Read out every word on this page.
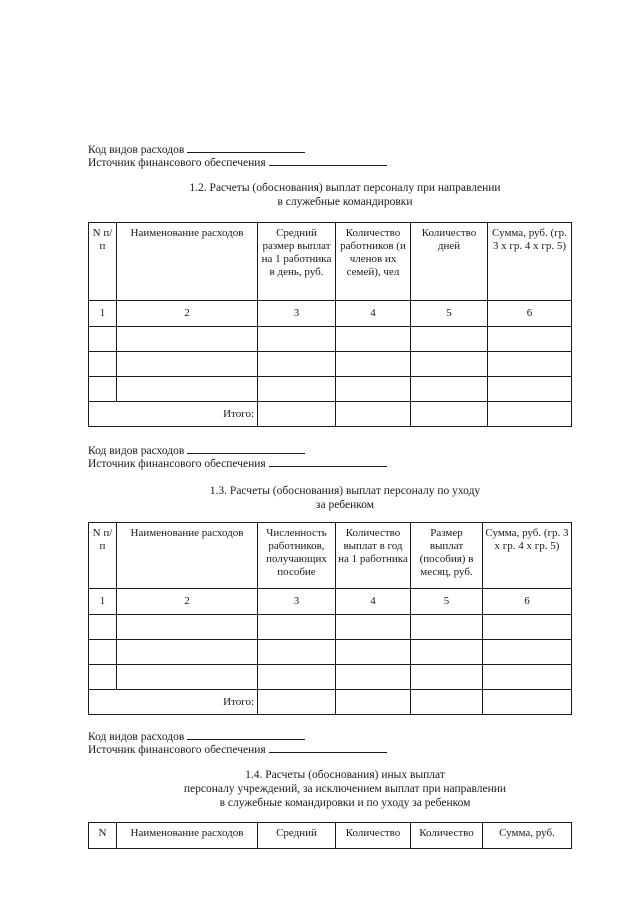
Код видов расходов
Источник финансового обеспечения
1.2. Расчеты (обоснования) выплат персоналу при направлении
в служебные командировки
N п/п	Наименование расходов	Средний размер выплат на 1 работника в день, руб.	Количество работников (и членов их семей), чел	Количество дней	Сумма, руб. (гр. 3 х гр. 4 х гр. 5)
1	2	3	4	5	6

Итого:					
Код видов расходов
Источник финансового обеспечения
1.3. Расчеты (обоснования) выплат персоналу по уходу
за ребенком
N п/п	Наименование расходов	Численность работников, получающих пособие	Количество выплат в год на 1 работника	Размер выплат (пособия) в месяц, руб.	Сумма, руб. (гр. 3 х гр. 4 х гр. 5)
1	2	3	4	5	6

Итого:					
Код видов расходов
Источник финансового обеспечения
1.4. Расчеты (обоснования) иных выплат
персоналу учреждений, за исключением выплат при направлении
в служебные командировки и по уходу за ребенком
N	Наименование расходов	Средний	Количество	Количество	Сумма, руб.
